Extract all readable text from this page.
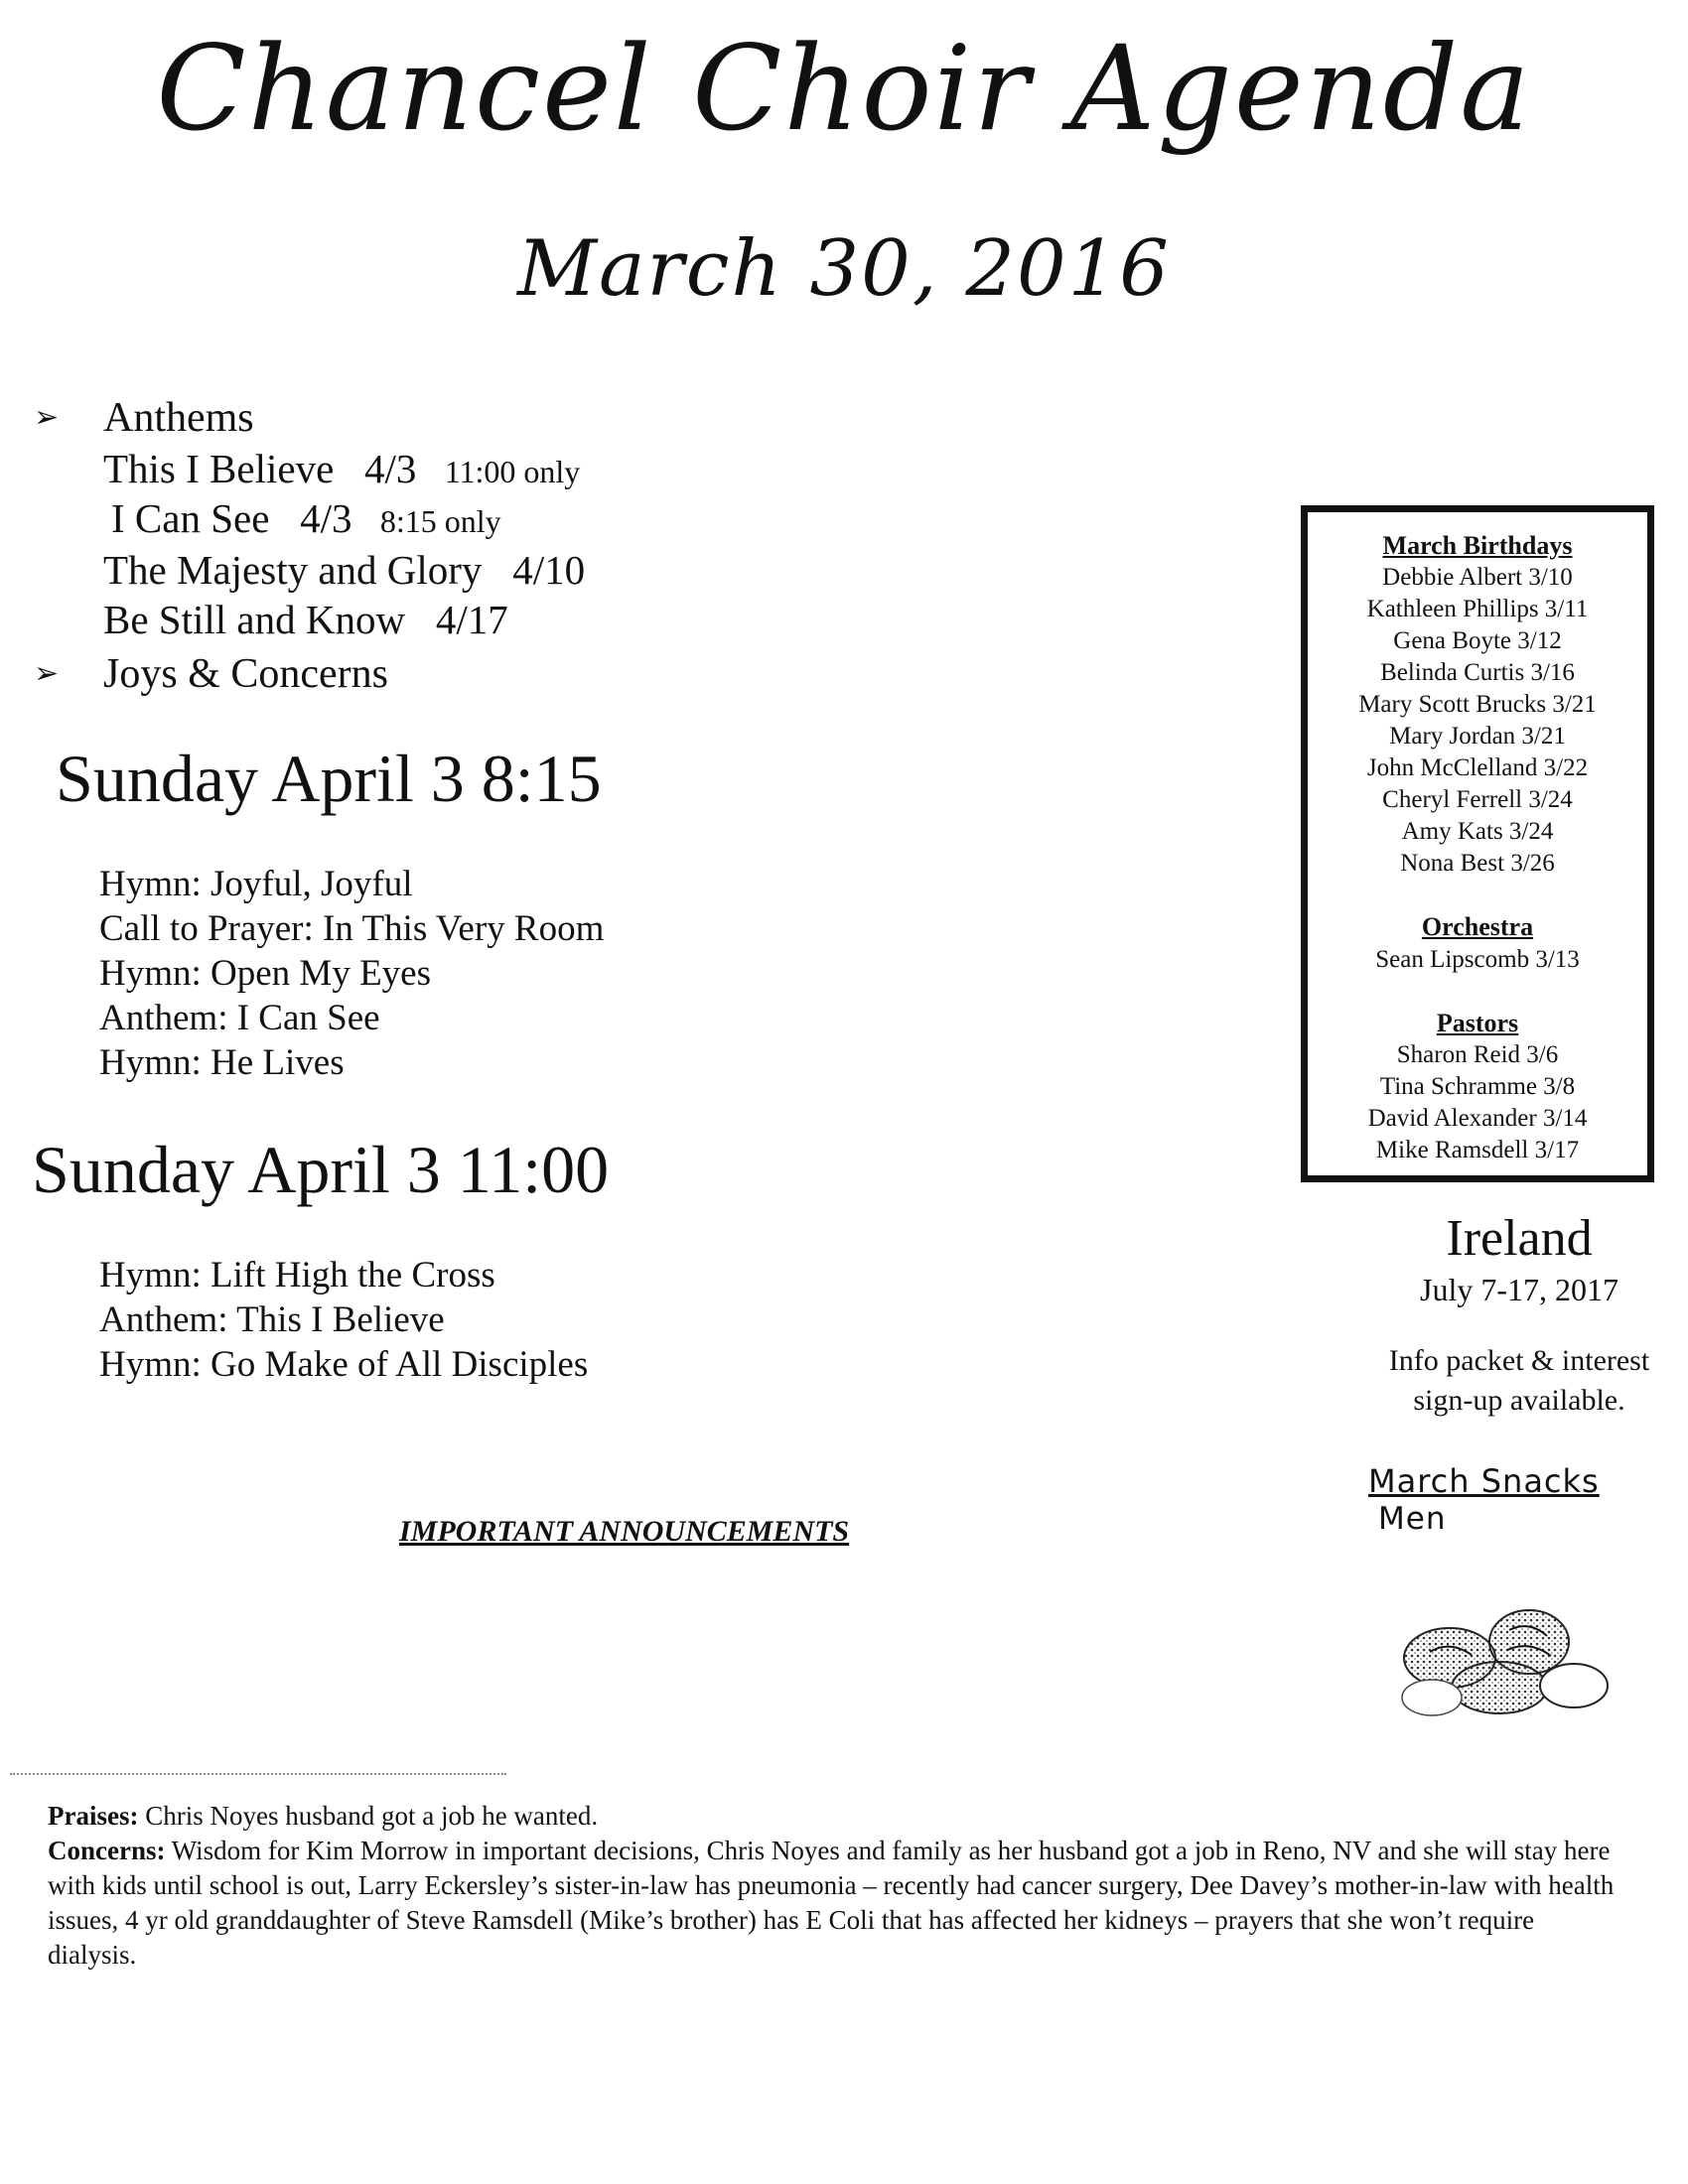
Chancel Choir Agenda
March 30, 2016
➢ Anthems
This I Believe 4/3 11:00 only
I Can See 4/3 8:15 only
The Majesty and Glory 4/10
Be Still and Know 4/17
➢ Joys & Concerns
Sunday April 3 8:15
Hymn: Joyful, Joyful
Call to Prayer: In This Very Room
Hymn: Open My Eyes
Anthem: I Can See
Hymn: He Lives
Sunday April 3 11:00
Hymn: Lift High the Cross
Anthem: This I Believe
Hymn: Go Make of All Disciples
March Birthdays
Debbie Albert 3/10
Kathleen Phillips 3/11
Gena Boyte 3/12
Belinda Curtis 3/16
Mary Scott Brucks 3/21
Mary Jordan 3/21
John McClelland 3/22
Cheryl Ferrell 3/24
Amy Kats 3/24
Nona Best 3/26
Orchestra
Sean Lipscomb 3/13
Pastors
Sharon Reid 3/6
Tina Schramme 3/8
David Alexander 3/14
Mike Ramsdell 3/17
Ireland
July 7-17, 2017
Info packet & interest
sign-up available.
March Snacks
Men
IMPORTANT ANNOUNCEMENTS
Praises: Chris Noyes husband got a job he wanted.
Concerns: Wisdom for Kim Morrow in important decisions, Chris Noyes and family as her husband got a job in Reno, NV and she will stay here with kids until school is out, Larry Eckersley’s sister-in-law has pneumonia – recently had cancer surgery, Dee Davey’s mother-in-law with health issues, 4 yr old granddaughter of Steve Ramsdell (Mike’s brother) has E Coli that has affected her kidneys – prayers that she won’t require dialysis.
